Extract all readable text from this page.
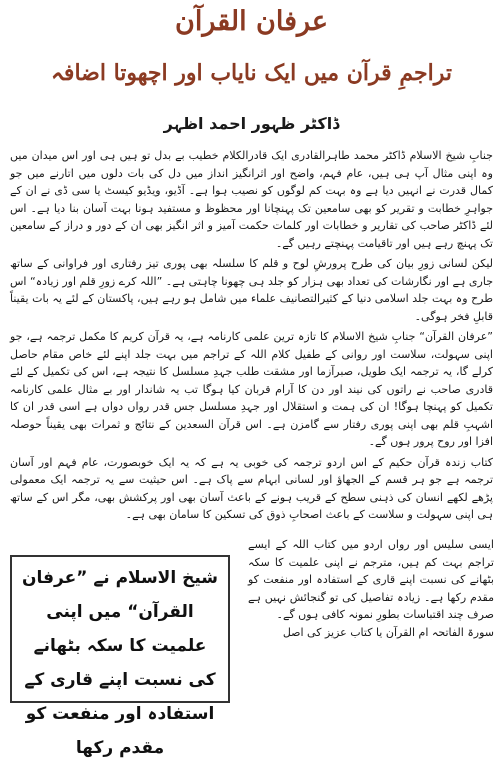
عرفان القرآن
تراجمِ قرآن میں ایک نایاب اور اچھوتا اضافہ
ڈاکٹر ظہور احمد اظہر

جنابِ شیخ الاسلام ڈاکٹر محمد طاہرالقادری ایک قادرالکلام خطیب بے بدل تو ہیں ہی اور اس میدان میں وہ اپنی مثال آپ ہی ہیں، عام فہم، واضح اور اثرانگیز انداز میں دل کی بات دلوں میں اتارنے میں جو کمال قدرت نے انہیں دیا ہے وہ بہت کم لوگوں کو نصیب ہوا ہے۔ آڈیو، ویڈیو کیسٹ یا سی ڈی نے ان کے جواہرِ خطابت و تقریر کو بھی سامعین تک پہنچانا اور محظوظ و مستفید ہونا بہت آسان بنا دیا ہے۔ اس لئے ڈاکٹر صاحب کی تقاریر و خطابات اور کلمات حکمت آمیز و اثر انگیز بھی ان کے دور و دراز کے سامعین تک پہنچ رہے ہیں اور تاقیامت پہنچتے رہیں گے۔

لیکن لسانی زورِ بیان کی طرح پرورشِ لوح و قلم کا سلسلہ بھی پوری تیز رفتاری اور فراوانی کے ساتھ جاری ہے اور نگارشات کی تعداد بھی ہزار کو جلد ہی چھونا چاہتی ہے۔ ”اللہ کرے زورِ قلم اور زیادہ“ اس طرح وہ بہت جلد اسلامی دنیا کے کثیرالتصانیف علماء میں شامل ہو رہے ہیں، پاکستان کے لئے یہ بات یقیناً قابلِ فخر ہوگی۔

”عرفان القرآن“ جنابِ شیخ الاسلام کا تازہ ترین علمی کارنامہ ہے، یہ قرآن کریم کا مکمل ترجمہ ہے، جو اپنی سہولت، سلاست اور روانی کے طفیل کلام اللہ کے تراجم میں بہت جلد اپنے لئے خاص مقام حاصل کرلے گا، یہ ترجمہ ایک طویل، صبرآزما اور مشقت طلب جہدِ مسلسل کا نتیجہ ہے، اس کی تکمیل کے لئے قادری صاحب نے راتوں کی نیند اور دن کا آرام قربان کیا ہوگا تب یہ شاندار اور بے مثال علمی کارنامہ تکمیل کو پہنچا ہوگا! ان کی ہمت و استقلال اور جہدِ مسلسل جس قدر رواں دواں ہے اسی قدر ان کا اشہبِ قلم بھی اپنی پوری رفتار سے گامزن ہے۔ اس قرآن السعدین کے نتائج و ثمرات بھی یقیناً حوصلہ افزا اور روح پرور ہوں گے۔

کتاب زندہ قرآن حکیم کے اس اردو ترجمہ کی خوبی یہ ہے کہ یہ ایک خوبصورت، عام فہم اور آسان ترجمہ ہے جو ہر قسم کے الجھاؤ اور لسانی ابہام سے پاک ہے۔ اس حیثیت سے یہ ترجمہ ایک معمولی پڑھے لکھے انسان کی ذہنی سطح کے قریب ہونے کے باعث آسان بھی اور پرکشش بھی، مگر اس کے ساتھ ہی اپنی سہولت و سلاست کے باعث اصحابِ ذوق کی تسکین کا سامان بھی ہے۔

ایسی سلیس اور رواں اردو میں کتاب اللہ کے ایسے تراجم بہت کم ہیں، مترجم نے اپنی علمیت کا سکہ بٹھانے کی نسبت اپنے قاری کے استفادہ اور منفعت کو مقدم رکھا ہے۔ زیادہ تفاصیل کی تو گنجائش نہیں ہے صرف چند اقتباسات بطورِ نمونہ کافی ہوں گے۔

سورۃ الفاتحہ ام القرآن یا کتاب عزیز کی اصل

شیخ الاسلام نے ”عرفان القرآن“ میں اپنی علمیت کا سکہ بٹھانے کی نسبت اپنے قاری کے استفادہ اور منفعت کو مقدم رکھا
